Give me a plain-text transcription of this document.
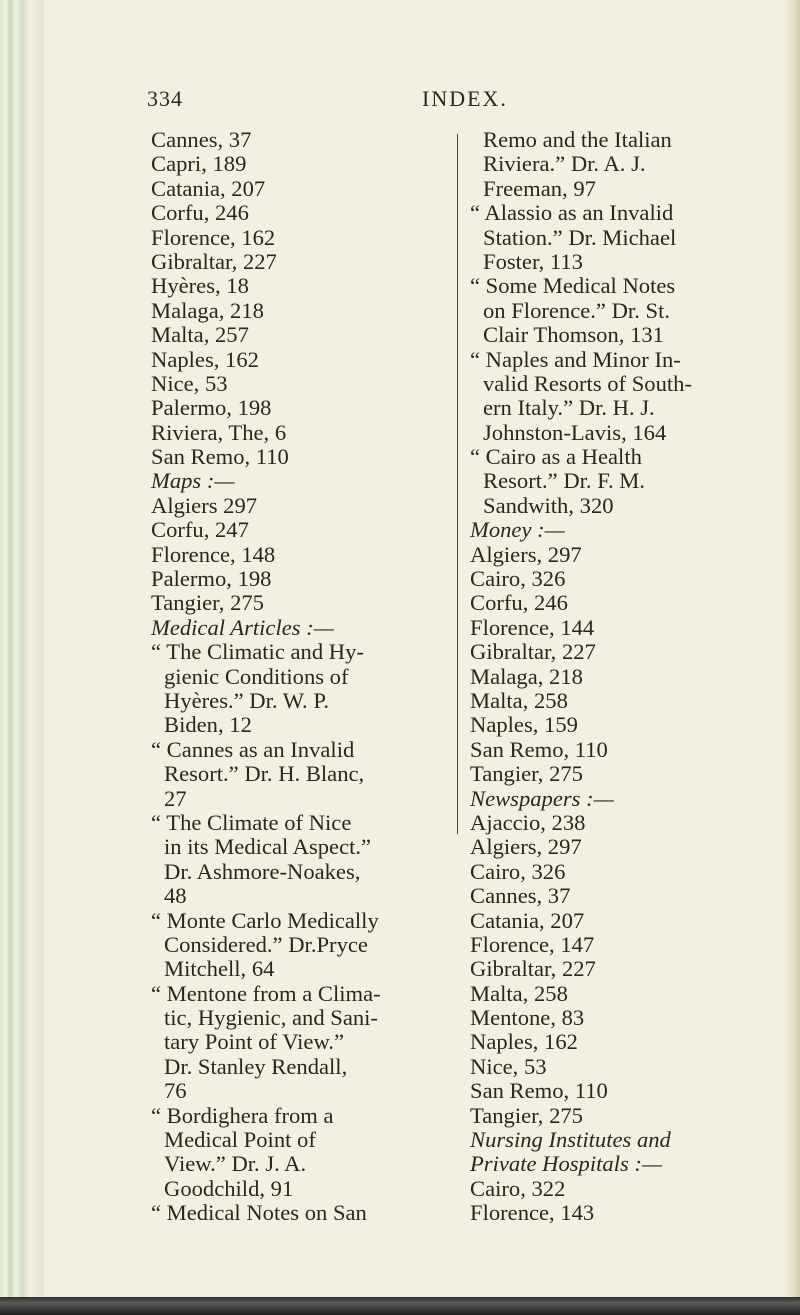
334	INDEX.
Cannes, 37
Capri, 189
Catania, 207
Corfu, 246
Florence, 162
Gibraltar, 227
Hyères, 18
Malaga, 218
Malta, 257
Naples, 162
Nice, 53
Palermo, 198
Riviera, The, 6
San Remo, 110
Maps :—
Algiers 297
Corfu, 247
Florence, 148
Palermo, 198
Tangier, 275
Medical Articles :—
“ The Climatic and Hy-
gienic Conditions of
Hyères.” Dr. W. P.
Biden, 12
“ Cannes as an Invalid
Resort.” Dr. H. Blanc,
27
“ The Climate of Nice
in its Medical Aspect.”
Dr. Ashmore-Noakes,
48
“ Monte Carlo Medically
Considered.” Dr.Pryce
Mitchell, 64
“ Mentone from a Clima-
tic, Hygienic, and Sani-
tary Point of View.”
Dr. Stanley Rendall,
76
“ Bordighera from a
Medical Point of
View.” Dr. J. A.
Goodchild, 91
“ Medical Notes on San
Remo and the Italian
Riviera.” Dr. A. J.
Freeman, 97
“ Alassio as an Invalid
Station.” Dr. Michael
Foster, 113
“ Some Medical Notes
on Florence.” Dr. St.
Clair Thomson, 131
“ Naples and Minor In-
valid Resorts of South-
ern Italy.” Dr. H. J.
Johnston-Lavis, 164
“ Cairo as a Health
Resort.” Dr. F. M.
Sandwith, 320
Money :—
Algiers, 297
Cairo, 326
Corfu, 246
Florence, 144
Gibraltar, 227
Malaga, 218
Malta, 258
Naples, 159
San Remo, 110
Tangier, 275
Newspapers :—
Ajaccio, 238
Algiers, 297
Cairo, 326
Cannes, 37
Catania, 207
Florence, 147
Gibraltar, 227
Malta, 258
Mentone, 83
Naples, 162
Nice, 53
San Remo, 110
Tangier, 275
Nursing Institutes and
Private Hospitals :—
Cairo, 322
Florence, 143
